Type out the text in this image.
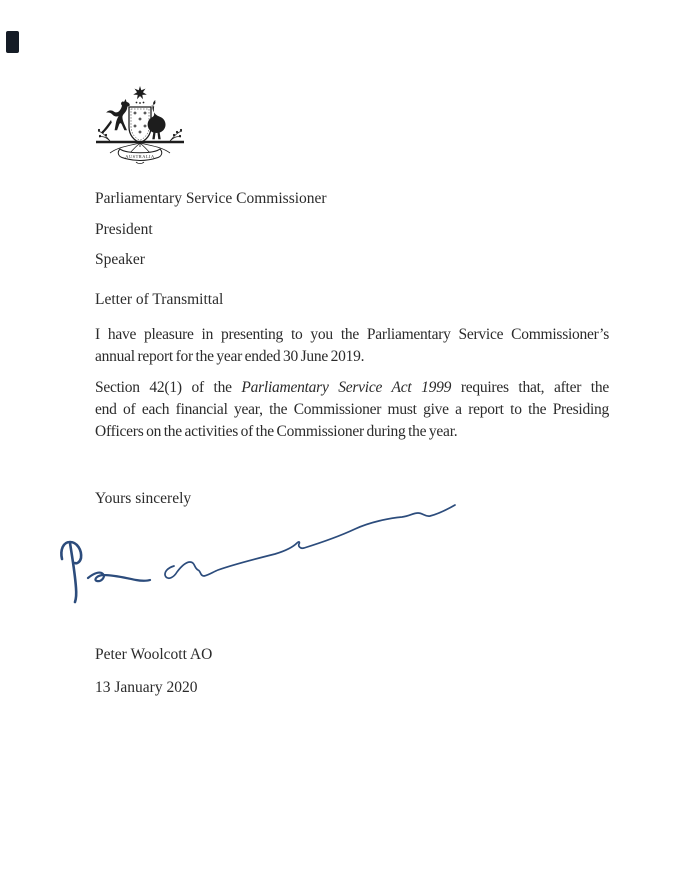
AUSTRALIA
Parliamentary Service Commissioner
President
Speaker
Letter of Transmittal
I have pleasure in presenting to you the Parliamentary Service Commissioner’s
annual report for the year ended 30 June 2019.
Section 42(1) of the Parliamentary Service Act 1999 requires that, after the
end of each financial year, the Commissioner must give a report to the Presiding
Officers on the activities of the Commissioner during the year.
Yours sincerely
Peter Woolcott AO
13 January 2020
